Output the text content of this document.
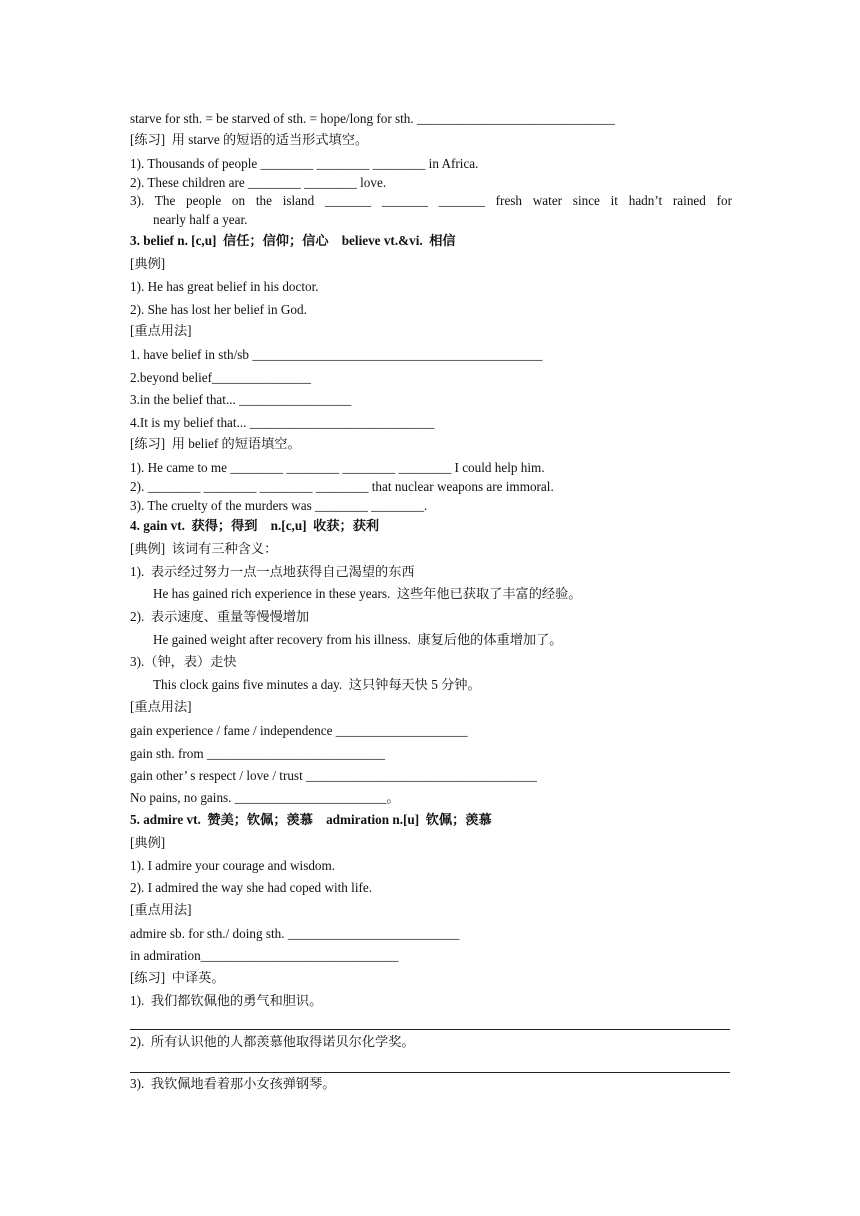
starve for sth. = be starved of sth. = hope/long for sth. ______________________________
[练习]  用 starve 的短语的适当形式填空。
1). Thousands of people ________ ________ ________ in Africa.
2). These children are ________ ________ love.
3). The people on the island _______ _______ _______ fresh water since it hadn’t rained for
nearly half a year.
3. belief n. [c,u]  信任；信仰；信心    believe vt.&vi.  相信
[典例]
1). He has great belief in his doctor.
2). She has lost her belief in God.
[重点用法]
1. have belief in sth/sb ____________________________________________
2.beyond belief_______________
3.in the belief that... _________________
4.It is my belief that... ____________________________
[练习]  用 belief 的短语填空。
1). He came to me ________ ________ ________ ________ I could help him.
2). ________ ________ ________ ________ that nuclear weapons are immoral.
3). The cruelty of the murders was ________ ________.
4. gain vt.  获得；得到    n.[c,u]  收获；获利
[典例]  该词有三种含义：
1).  表示经过努力一点一点地获得自己渴望的东西
He has gained rich experience in these years.  这些年他已获取了丰富的经验。
2).  表示速度、重量等慢慢增加
He gained weight after recovery from his illness.  康复后他的体重增加了。
3).（钟，表）走快
This clock gains five minutes a day.  这只钟每天快 5 分钟。
[重点用法]
gain experience / fame / independence ____________________
gain sth. from ___________________________
gain other’ s respect / love / trust ___________________________________
No pains, no gains. _______________________。
5. admire vt.  赞美；钦佩；羡慕    admiration n.[u]  钦佩；羡慕
[典例]
1). I admire your courage and wisdom.
2). I admired the way she had coped with life.
[重点用法]
admire sb. for sth./ doing sth. __________________________
in admiration______________________________
[练习]  中译英。
1).  我们都钦佩他的勇气和胆识。
2).  所有认识他的人都羡慕他取得诺贝尔化学奖。
3).  我钦佩地看着那小女孩弹钢琴。
